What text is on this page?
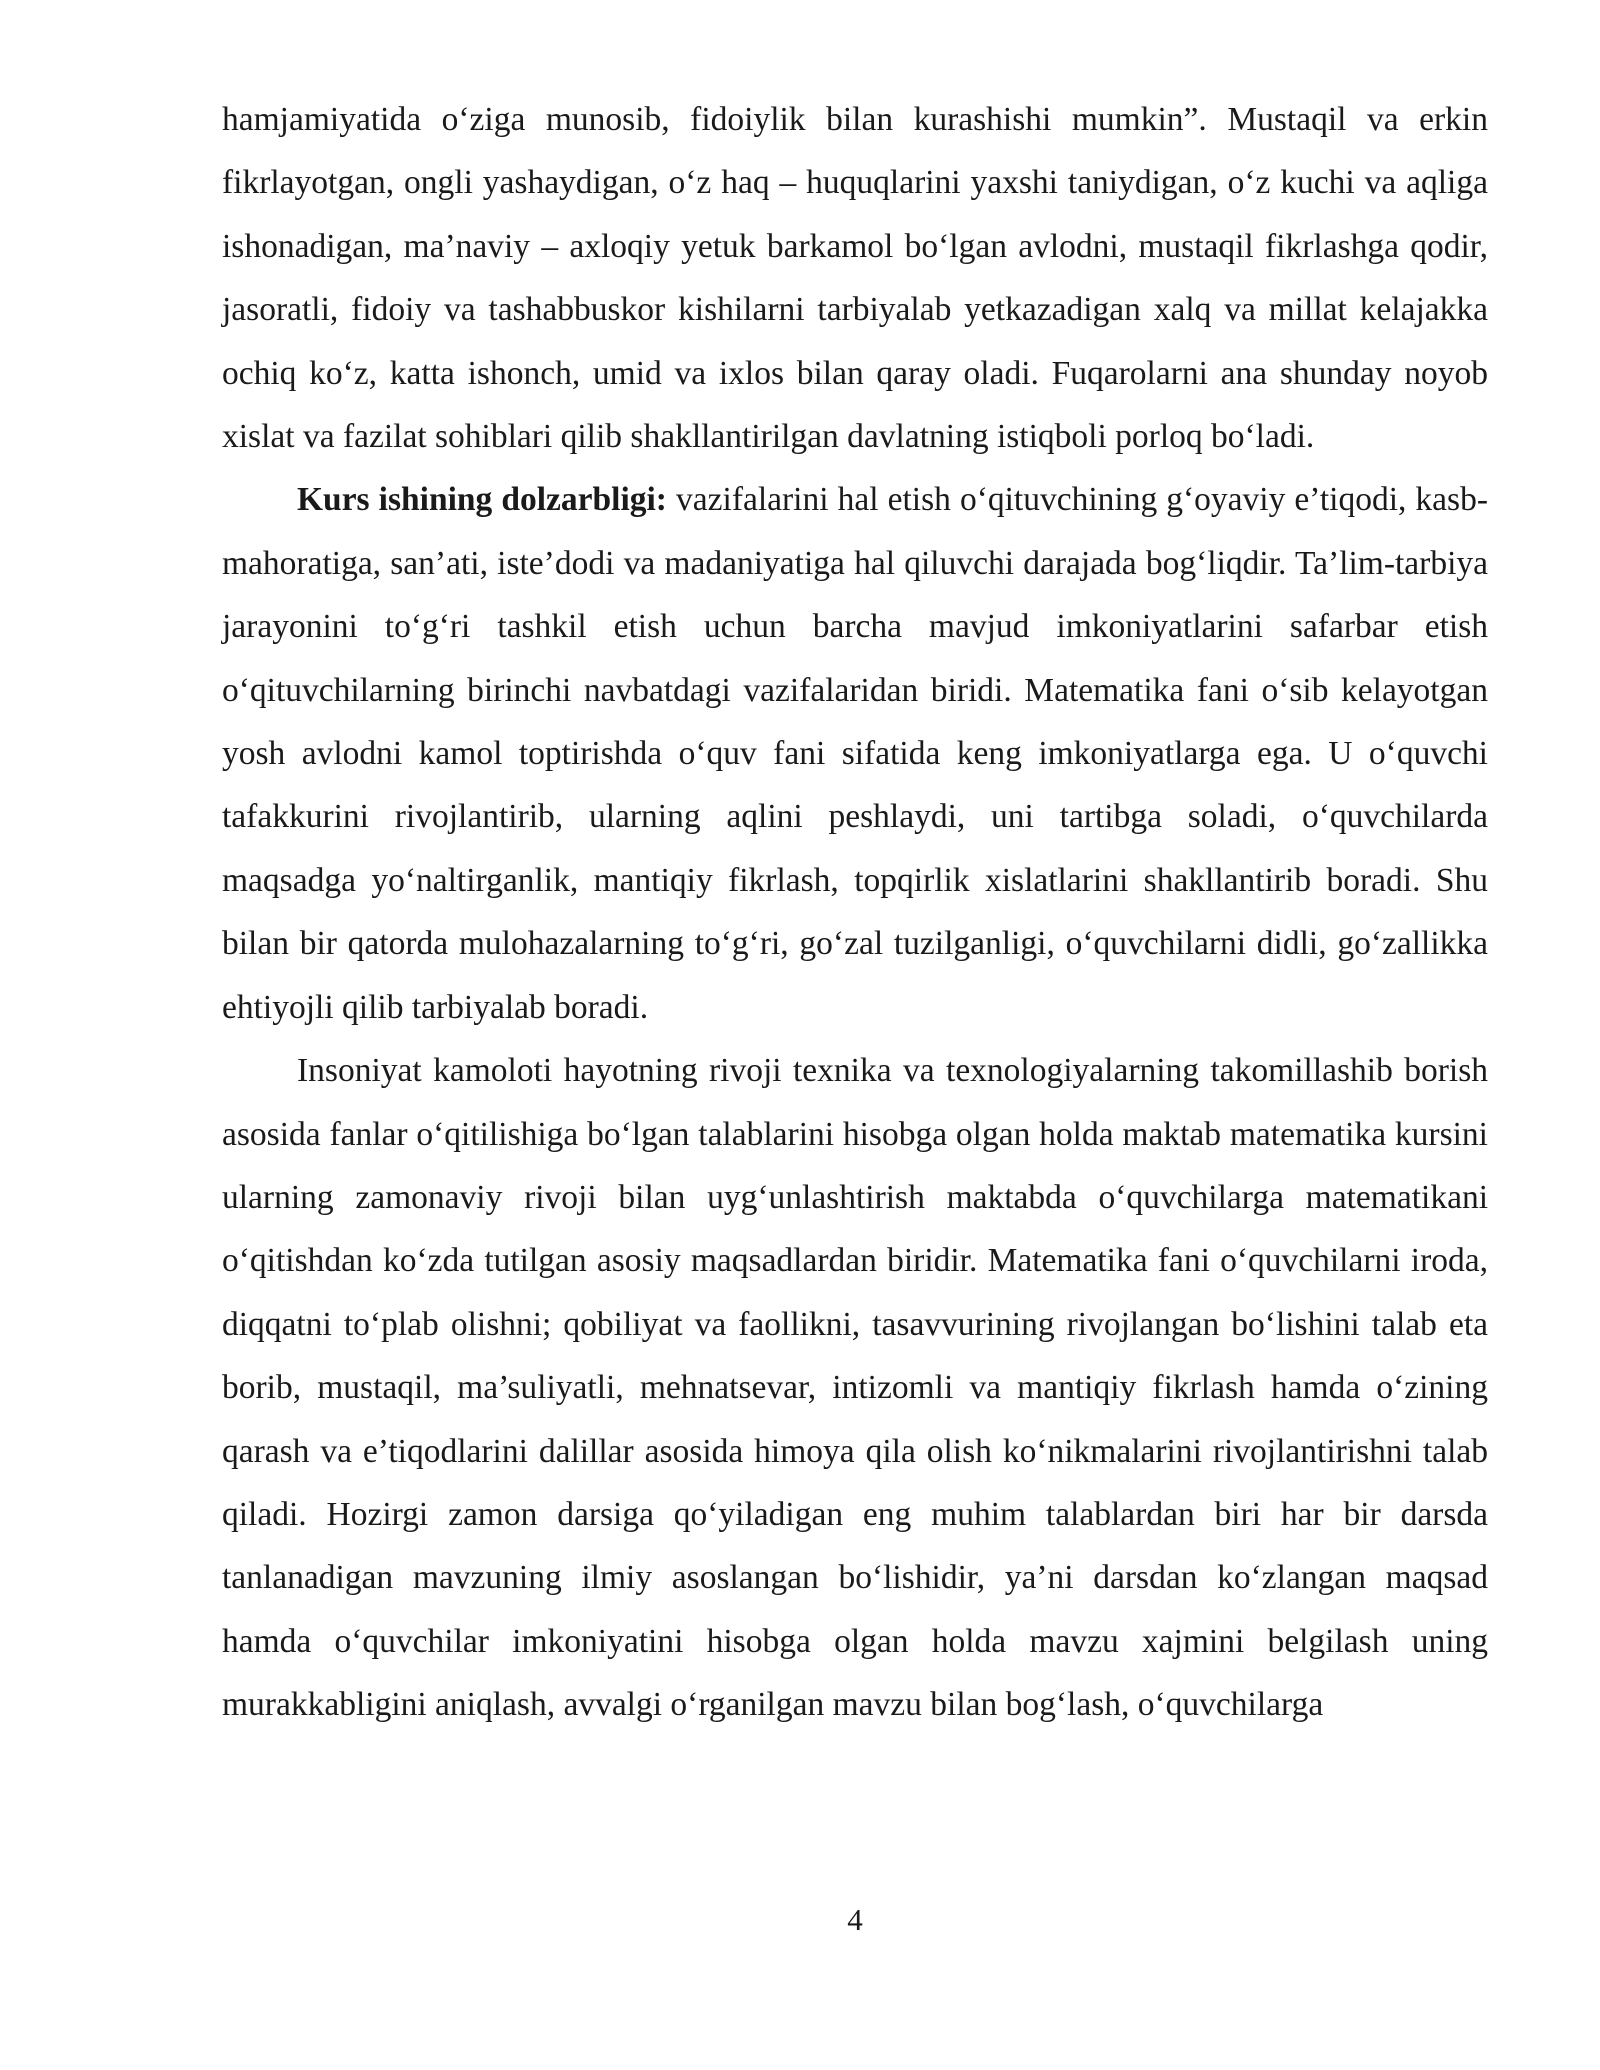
hamjamiyatida o‘ziga munosib, fidoiylik bilan kurashishi mumkin”. Mustaqil va erkin fikrlayotgan, ongli yashaydigan, o‘z haq – huquqlarini yaxshi taniydigan, o‘z kuchi va aqliga ishonadigan, ma’naviy – axloqiy yetuk barkamol bo‘lgan avlodni, mustaqil fikrlashga qodir, jasoratli, fidoiy va tashabbuskor kishilarni tarbiyalab yetkazadigan xalq va millat kelajakka ochiq ko‘z, katta ishonch, umid va ixlos bilan qaray oladi. Fuqarolarni ana shunday noyob xislat va fazilat sohiblari qilib shakllantirilgan davlatning istiqboli porloq bo‘ladi.

Kurs ishining dolzarbligi: vazifalarini hal etish o‘qituvchining g‘oyaviy e’tiqodi, kasb-mahoratiga, san’ati, iste’dodi va madaniyatiga hal qiluvchi darajada bog‘liqdir. Ta’lim-tarbiya jarayonini to‘g‘ri tashkil etish uchun barcha mavjud imkoniyatlarini safarbar etish o‘qituvchilarning birinchi navbatdagi vazifalaridan biridi. Matematika fani o‘sib kelayotgan yosh avlodni kamol toptirishda o‘quv fani sifatida keng imkoniyatlarga ega. U o‘quvchi tafakkurini rivojlantirib, ularning aqlini peshlaydi, uni tartibga soladi, o‘quvchilarda maqsadga yo‘naltirganlik, mantiqiy fikrlash, topqirlik xislatlarini shakllantirib boradi. Shu bilan bir qatorda mulohazalarning to‘g‘ri, go‘zal tuzilganligi, o‘quvchilarni didli, go‘zallikka ehtiyojli qilib tarbiyalab boradi.

Insoniyat kamoloti hayotning rivoji texnika va texnologiyalarning takomillashib borish asosida fanlar o‘qitilishiga bo‘lgan talablarini hisobga olgan holda maktab matematika kursini ularning zamonaviy rivoji bilan uyg‘unlashtirish maktabda o‘quvchilarga matematikani o‘qitishdan ko‘zda tutilgan asosiy maqsadlardan biridir. Matematika fani o‘quvchilarni iroda, diqqatni to‘plab olishni; qobiliyat va faollikni, tasavvurining rivojlangan bo‘lishini talab eta borib, mustaqil, ma’suliyatli, mehnatsevar, intizomli va mantiqiy fikrlash hamda o‘zining qarash va e’tiqodlarini dalillar asosida himoya qila olish ko‘nikmalarini rivojlantirishni talab qiladi. Hozirgi zamon darsiga qo‘yiladigan eng muhim talablardan biri har bir darsda tanlanadigan mavzuning ilmiy asoslangan bo‘lishidir, ya’ni darsdan ko‘zlangan maqsad hamda o‘quvchilar imkoniyatini hisobga olgan holda mavzu xajmini belgilash uning murakkabligini aniqlash, avvalgi o‘rganilgan mavzu bilan bog‘lash, o‘quvchilarga

4
